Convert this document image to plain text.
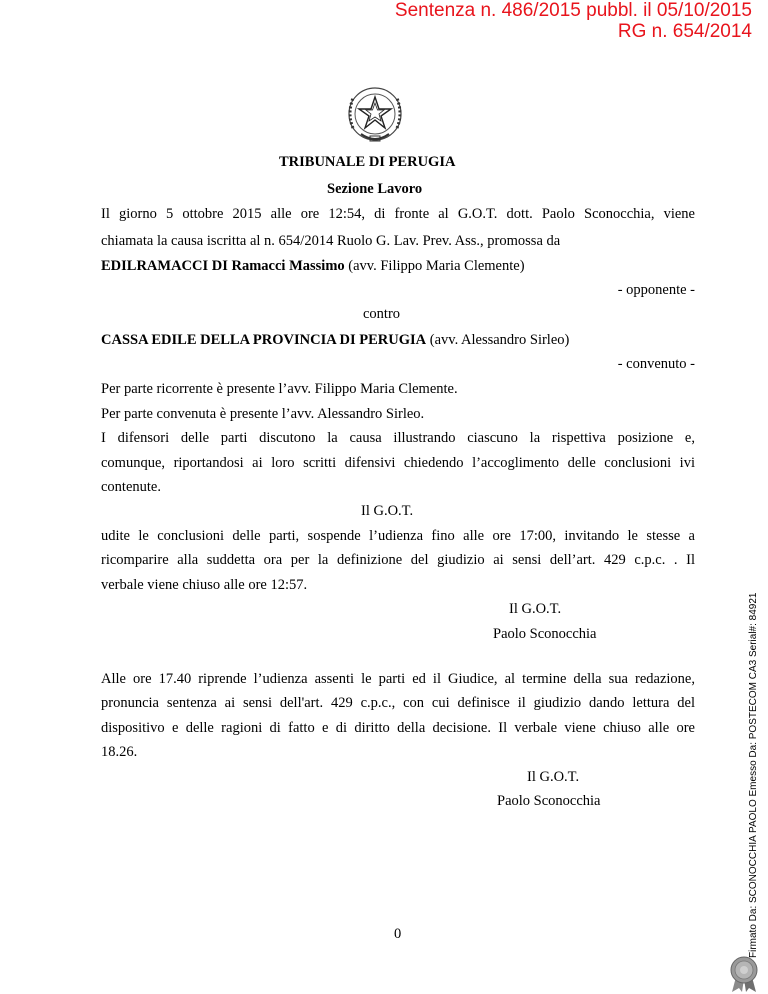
Sentenza n. 486/2015 pubbl. il 05/10/2015
RG n. 654/2014
TRIBUNALE DI PERUGIA
Sezione Lavoro
Il giorno 5 ottobre 2015 alle ore 12:54, di fronte al G.O.T. dott. Paolo Sconocchia, viene
chiamata la causa iscritta al n. 654/2014 Ruolo G. Lav. Prev. Ass., promossa da
EDILRAMACCI DI Ramacci Massimo (avv. Filippo Maria Clemente)
- opponente -
contro
CASSA EDILE DELLA PROVINCIA DI PERUGIA (avv. Alessandro Sirleo)
- convenuto -
Per parte ricorrente è presente l’avv. Filippo Maria Clemente.
Per parte convenuta è presente l’avv. Alessandro Sirleo.
I difensori delle parti discutono la causa illustrando ciascuno la rispettiva posizione e,
comunque, riportandosi ai loro scritti difensivi chiedendo l’accoglimento delle conclusioni ivi
contenute.
Il G.O.T.
udite le conclusioni delle parti, sospende l’udienza fino alle ore 17:00, invitando le stesse a
ricomparire alla suddetta ora per la definizione del giudizio ai sensi dell’art. 429 c.p.c. . Il
verbale viene chiuso alle ore 12:57.
Il G.O.T.
Paolo Sconocchia
Alle ore 17.40 riprende l’udienza assenti le parti ed il Giudice, al termine della sua redazione,
pronuncia sentenza ai sensi dell'art. 429 c.p.c., con cui definisce il giudizio dando lettura del
dispositivo e delle ragioni di fatto e di diritto della decisione. Il verbale viene chiuso alle ore
18.26.
Il G.O.T.
Paolo Sconocchia
0	Firmato Da: SCONOCCHIA PAOLO Emesso Da: POSTECOM CA3 Serial#: 84921
